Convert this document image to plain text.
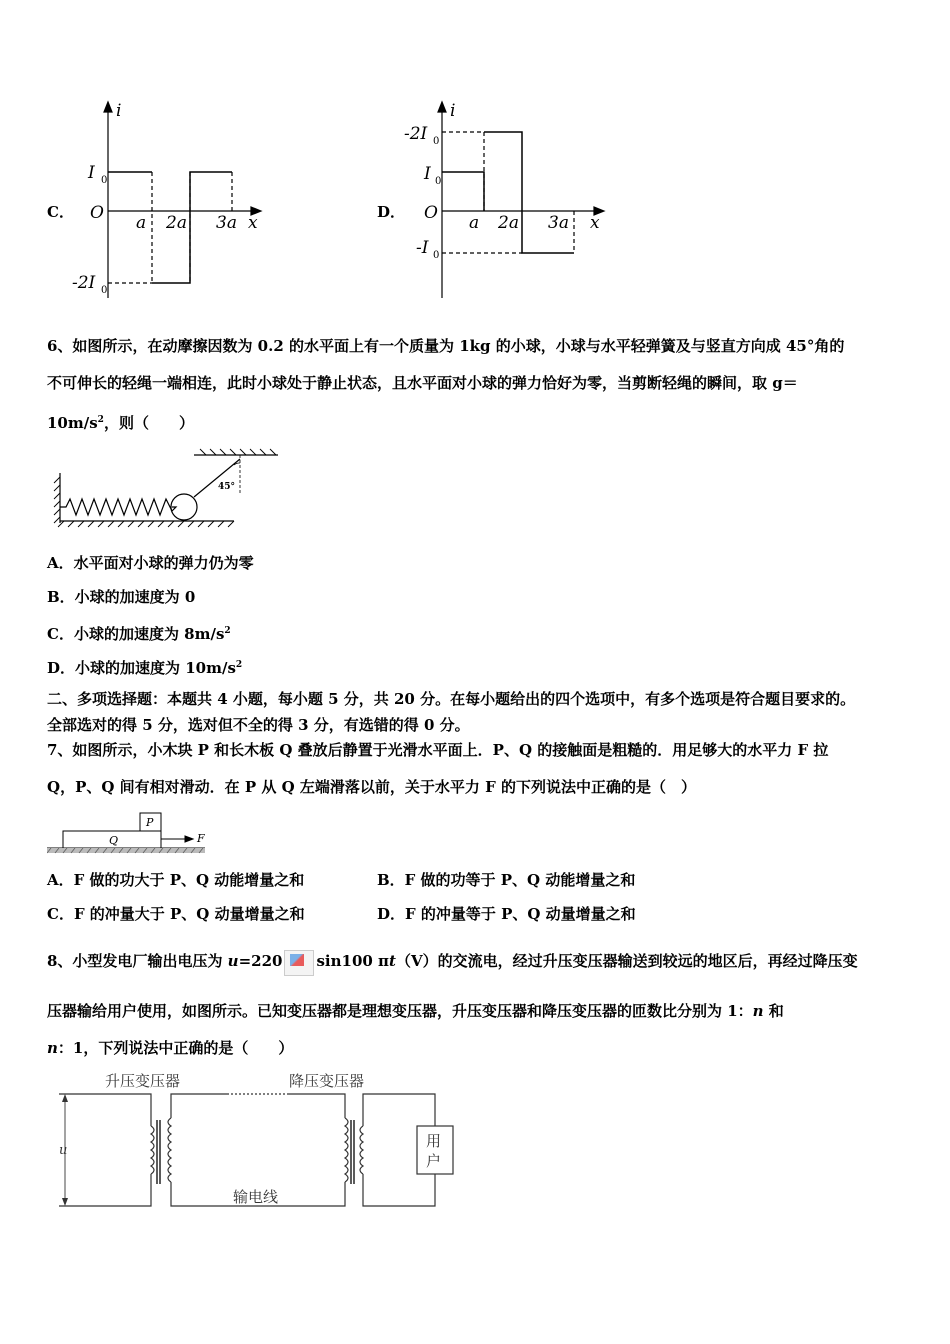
C．
i
x
O
I 0
-2I 0
a 2a 3a
D．
i
x
O
-2I 0
I 0
-I 0
a 2a 3a
6、如图所示，在动摩擦因数为 0.2 的水平面上有一个质量为 1kg 的小球，小球与水平轻弹簧及与竖直方向成 45°角的
不可伸长的轻绳一端相连，此时小球处于静止状态，且水平面对小球的弹力恰好为零，当剪断轻绳的瞬间，取 g＝
$10m/s^2$，则（　　）
45°
A．水平面对小球的弹力仍为零
B．小球的加速度为 0
C．小球的加速度为 $8m/s^2$
D．小球的加速度为 $10m/s^2$
二、多项选择题：本题共 4 小题，每小题 5 分，共 20 分。在每小题给出的四个选项中，有多个选项是符合题目要求的。
全部选对的得 5 分，选对但不全的得 3 分，有选错的得 0 分。
7、如图所示，小木块 P 和长木板 Q 叠放后静置于光滑水平面上．P、Q 的接触面是粗糙的．用足够大的水平力 F 拉
Q，P、Q 间有相对滑动．在 P 从 Q 左端滑落以前，关于水平力 F 的下列说法中正确的是（　）
P
Q	F
A．F 做的功大于 P、Q 动能增量之和	B．F 做的功等于 P、Q 动能增量之和
C．F 的冲量大于 P、Q 动量增量之和	D．F 的冲量等于 P、Q 动量增量之和
8、小型发电厂输出电压为 u=220 sin100 πt（V）的交流电，经过升压变压器输送到较远的地区后，再经过降压变
压器输给用户使用，如图所示。已知变压器都是理想变压器，升压变压器和降压变压器的匝数比分别为 1：n 和
n：1，下列说法中正确的是（　　）
升压变压器	降压变压器
u
输电线
用
户
